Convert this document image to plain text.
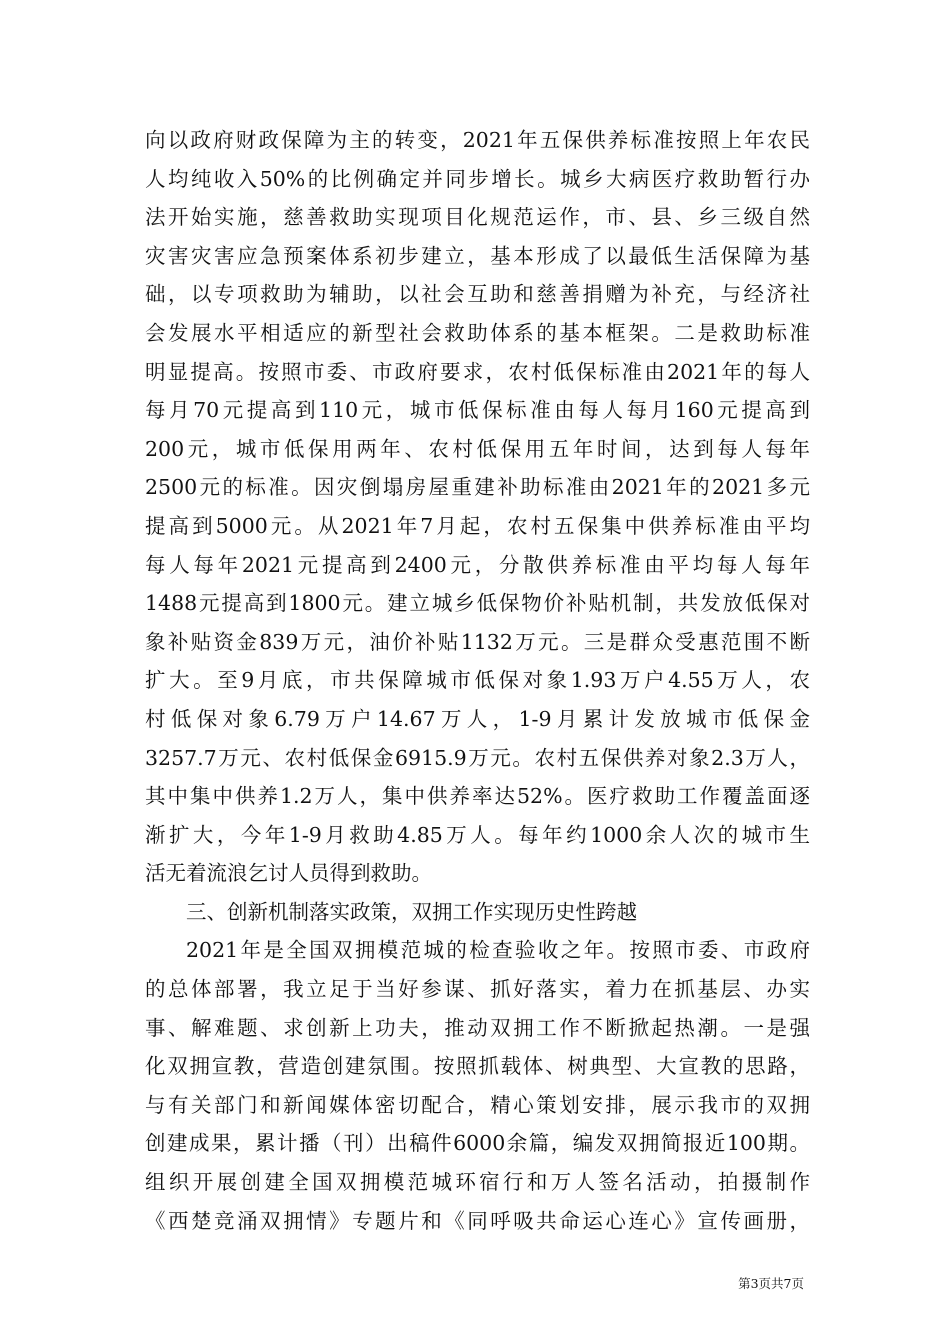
向以政府财政保障为主的转变，2021年五保供养标准按照上年农民
人均纯收入50%的比例确定并同步增长。城乡大病医疗救助暂行办
法开始实施，慈善救助实现项目化规范运作，市、县、乡三级自然
灾害灾害应急预案体系初步建立，基本形成了以最低生活保障为基
础，以专项救助为辅助，以社会互助和慈善捐赠为补充，与经济社
会发展水平相适应的新型社会救助体系的基本框架。二是救助标准
明显提高。按照市委、市政府要求，农村低保标准由2021年的每人
每月70元提高到110元，城市低保标准由每人每月160元提高到
200元，城市低保用两年、农村低保用五年时间，达到每人每年
2500元的标准。因灾倒塌房屋重建补助标准由2021年的2021多元
提高到5000元。从2021年7月起，农村五保集中供养标准由平均
每人每年2021元提高到2400元，分散供养标准由平均每人每年
1488元提高到1800元。建立城乡低保物价补贴机制，共发放低保对
象补贴资金839万元，油价补贴1132万元。三是群众受惠范围不断
扩大。至9月底，市共保障城市低保对象1.93万户4.55万人，农
村低保对象6.79万户14.67万人，1-9月累计发放城市低保金
3257.7万元、农村低保金6915.9万元。农村五保供养对象2.3万人，
其中集中供养1.2万人，集中供养率达52%。医疗救助工作覆盖面逐
渐扩大，今年1-9月救助4.85万人。每年约1000余人次的城市生
活无着流浪乞讨人员得到救助。
三、创新机制落实政策，双拥工作实现历史性跨越
2021年是全国双拥模范城的检查验收之年。按照市委、市政府
的总体部署，我立足于当好参谋、抓好落实，着力在抓基层、办实
事、解难题、求创新上功夫，推动双拥工作不断掀起热潮。一是强
化双拥宣教，营造创建氛围。按照抓载体、树典型、大宣教的思路，
与有关部门和新闻媒体密切配合，精心策划安排，展示我市的双拥
创建成果，累计播（刊）出稿件6000余篇，编发双拥简报近100期。
组织开展创建全国双拥模范城环宿行和万人签名活动，拍摄制作
《西楚竞涌双拥情》专题片和《同呼吸共命运心连心》宣传画册，
第3页共7页
